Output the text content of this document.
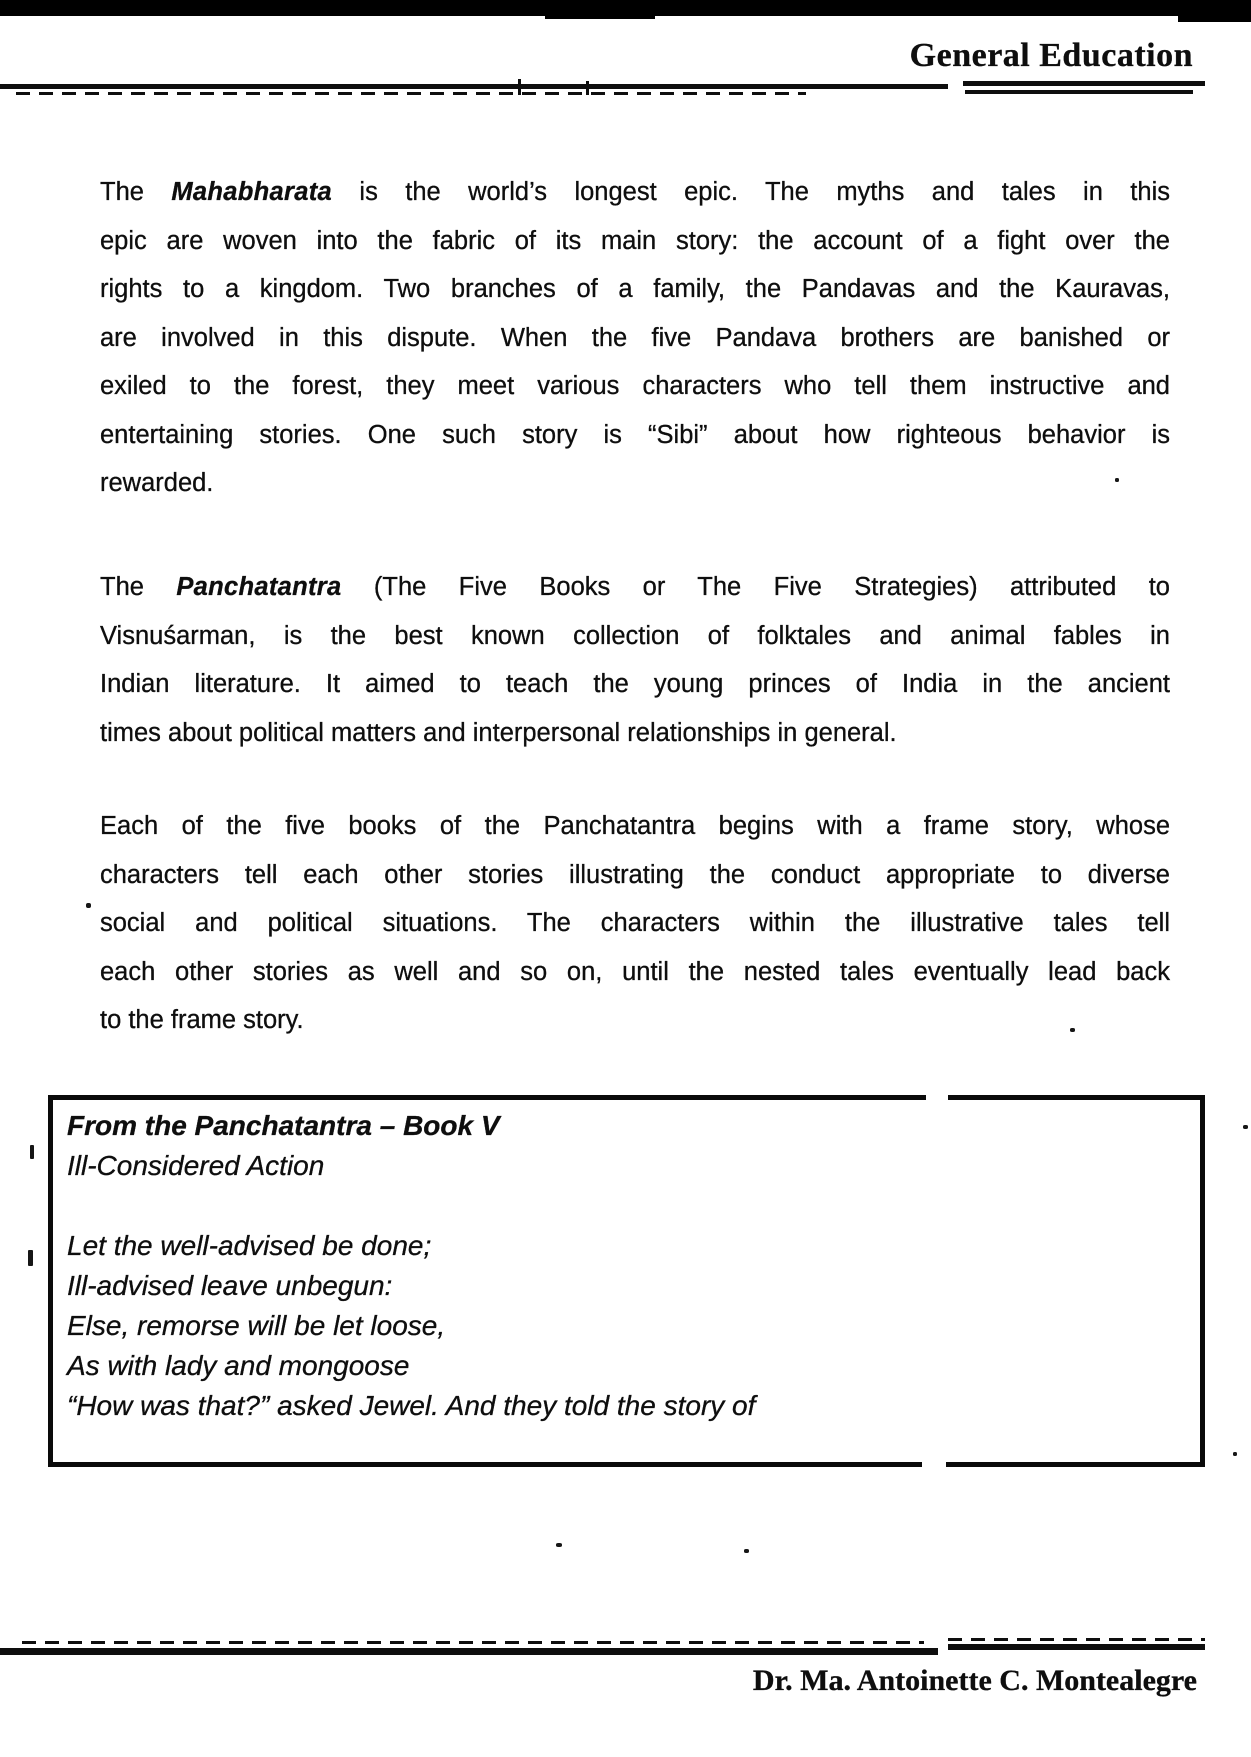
General Education
The Mahabharata is the world’s longest epic. The myths and tales in this
epic are woven into the fabric of its main story: the account of a fight over the
rights to a kingdom. Two branches of a family, the Pandavas and the Kauravas,
are involved in this dispute. When the five Pandava brothers are banished or
exiled to the forest, they meet various characters who tell them instructive and
entertaining stories. One such story is “Sibi” about how righteous behavior is
rewarded.
The Panchatantra (The Five Books or The Five Strategies) attributed to
Visnuśarman, is the best known collection of folktales and animal fables in
Indian literature. It aimed to teach the young princes of India in the ancient
times about political matters and interpersonal relationships in general.
Each of the five books of the Panchatantra begins with a frame story, whose
characters tell each other stories illustrating the conduct appropriate to diverse
social and political situations. The characters within the illustrative tales tell
each other stories as well and so on, until the nested tales eventually lead back
to the frame story.
From the Panchatantra – Book V
Ill-Considered Action
Let the well-advised be done;
Ill-advised leave unbegun:
Else, remorse will be let loose,
As with lady and mongoose
“How was that?” asked Jewel. And they told the story of
Dr. Ma. Antoinette C. Montealegre
